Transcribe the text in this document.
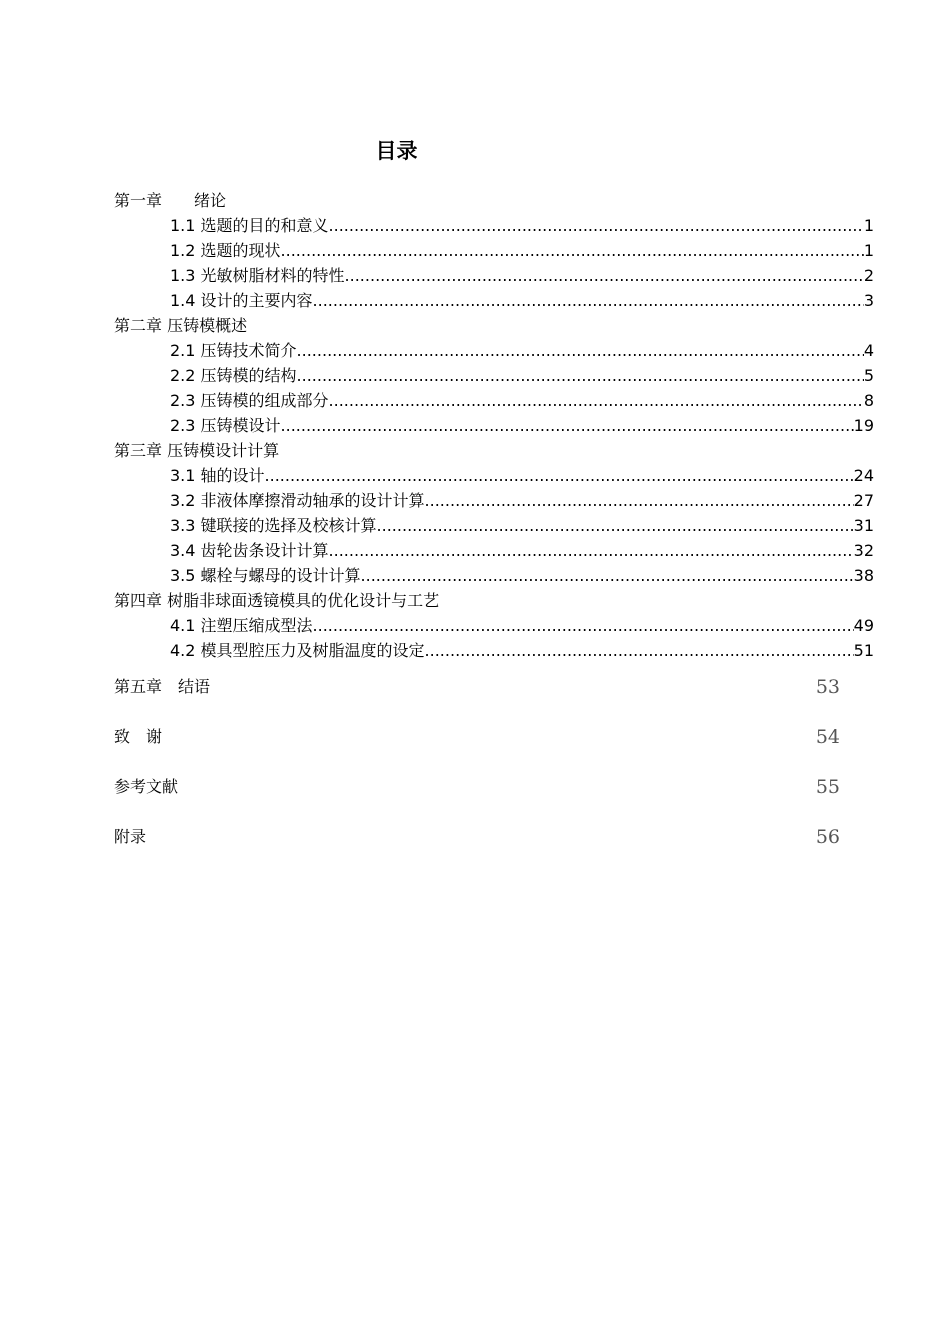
目录
第一章　　绪论
1.1 选题的目的和意义 .....	1
1.2 选题的现状 .....	1
1.3 光敏树脂材料的特性 .....	2
1.4 设计的主要内容 .....	3
第二章 压铸模概述
2.1 压铸技术简介 .....	4
2.2 压铸模的结构 .....	5
2.3 压铸模的组成部分 .....	8
2.3 压铸模设计 .....	19
第三章 压铸模设计计算
3.1 轴的设计 .....	24
3.2 非液体摩擦滑动轴承的设计计算 .....	27
3.3 键联接的选择及校核计算 .....	31
3.4 齿轮齿条设计计算 .....	32
3.5 螺栓与螺母的设计计算 .....	38
第四章 树脂非球面透镜模具的优化设计与工艺
4.1 注塑压缩成型法 .....	49
4.2 模具型腔压力及树脂温度的设定 .....	51
第五章　结语	53
致　谢	54
参考文献	55
附录	56
